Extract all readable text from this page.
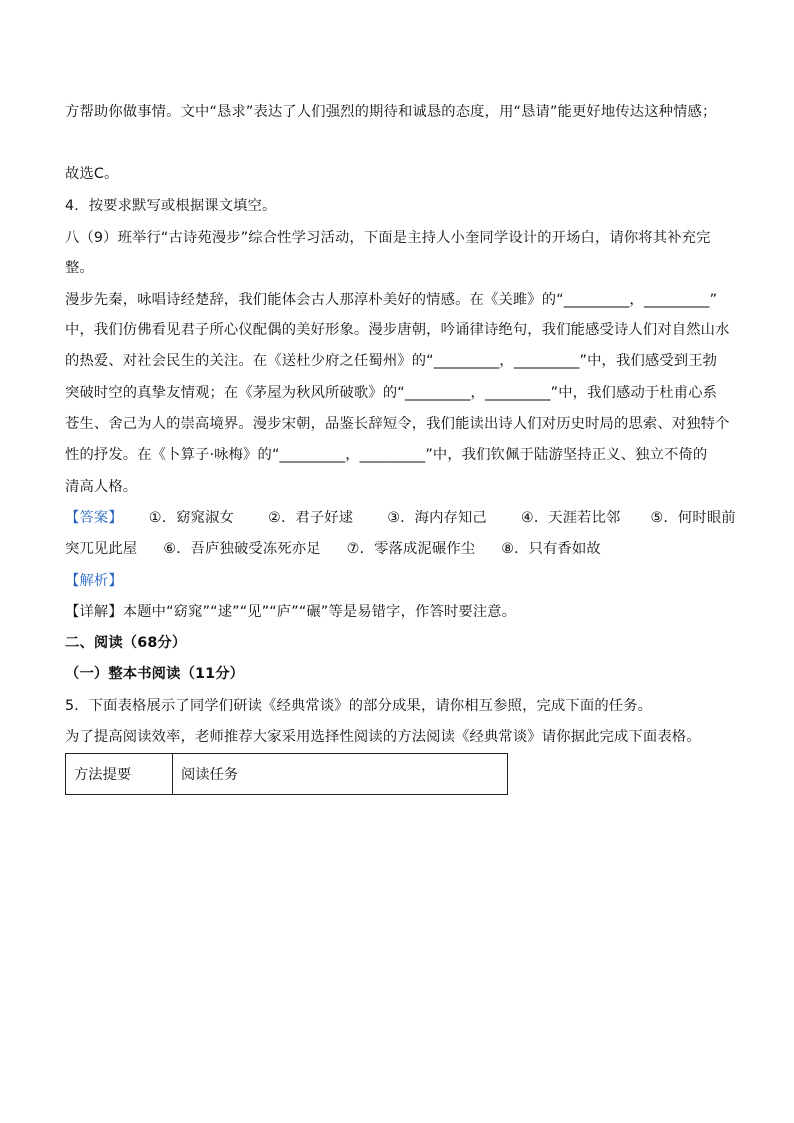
方帮助你做事情。文中“恳求”表达了人们强烈的期待和诚恳的态度，用“恳请”能更好地传达这种情感；
故选C。
4．按要求默写或根据课文填空。
八（9）班举行“古诗苑漫步”综合性学习活动，下面是主持人小奎同学设计的开场白，请你将其补充完
整。
漫步先秦，咏唱诗经楚辞，我们能体会古人那淳朴美好的情感。在《关雎》的“_________，_________”
中，我们仿佛看见君子所心仪配偶的美好形象。漫步唐朝，吟诵律诗绝句，我们能感受诗人们对自然山水
的热爱、对社会民生的关注。在《送杜少府之任蜀州》的“_________，_________”中，我们感受到王勃
突破时空的真挚友情观；在《茅屋为秋风所破歌》的“_________，_________”中，我们感动于杜甫心系
苍生、舍己为人的崇高境界。漫步宋朝，品鉴长辞短令，我们能读出诗人们对历史时局的思索、对独特个
性的抒发。在《卜算子·咏梅》的“_________，_________”中，我们钦佩于陆游坚持正义、独立不倚的
清高人格。
【答案】 ①．窈窕淑女 ②．君子好逑 ③．海内存知己 ④．天涯若比邻 ⑤．何时眼前
突兀见此屋 ⑥．吾庐独破受冻死亦足 ⑦．零落成泥碾作尘 ⑧．只有香如故
【解析】
【详解】本题中“窈窕”“逑”“见”“庐”“碾”等是易错字，作答时要注意。
二、阅读（68分）
（一）整本书阅读（11分）
5．下面表格展示了同学们研读《经典常谈》的部分成果，请你相互参照，完成下面的任务。
为了提高阅读效率，老师推荐大家采用选择性阅读的方法阅读《经典常谈》请你据此完成下面表格。
方法提要	阅读任务
